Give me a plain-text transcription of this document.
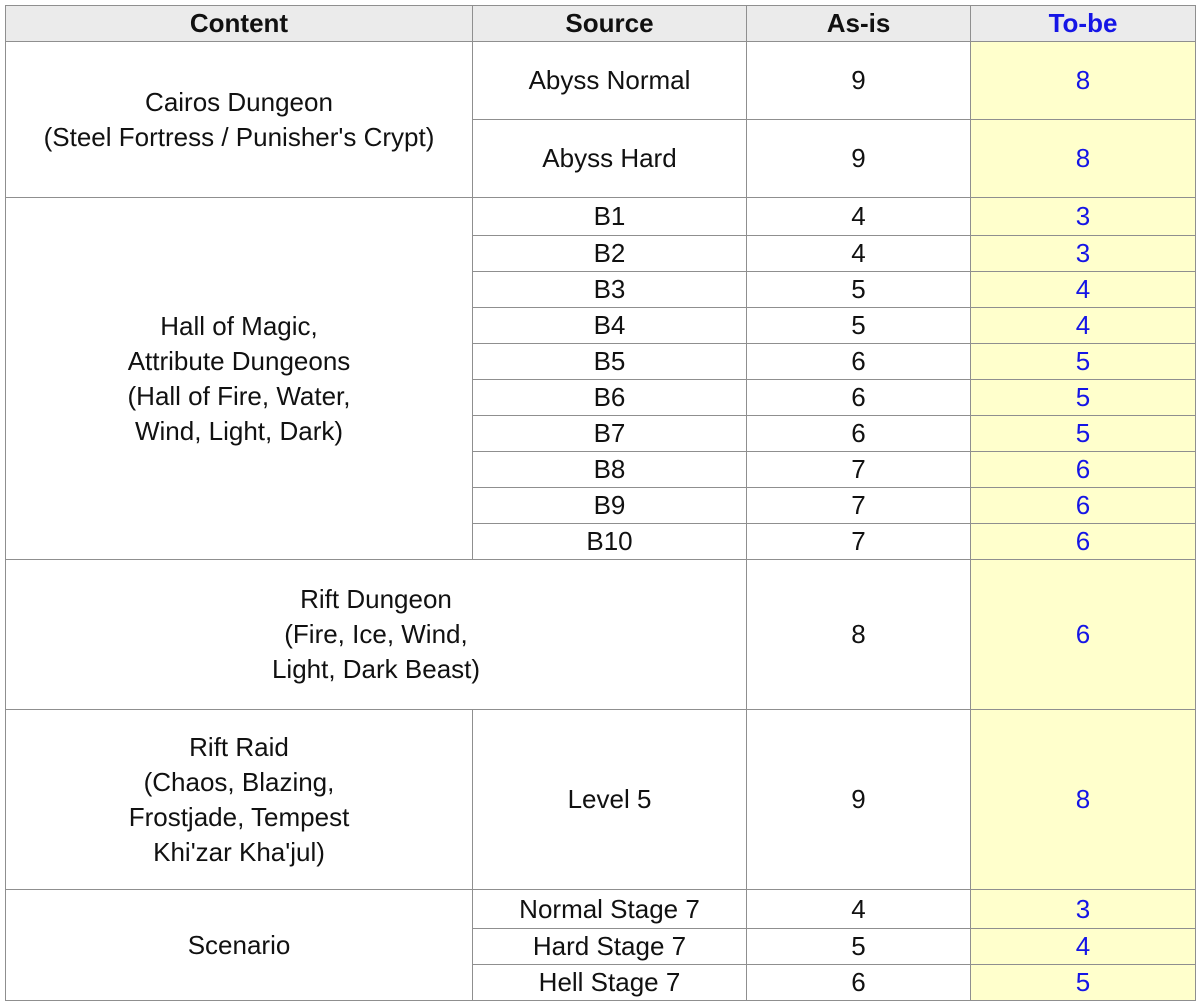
Content	Source	As-is	To-be
Cairos Dungeon
(Steel Fortress / Punisher's Crypt)	Abyss Normal	9	8
	Abyss Hard	9	8
Hall of Magic,
Attribute Dungeons
(Hall of Fire, Water,
Wind, Light, Dark)	B1	4	3
	B2	4	3
	B3	5	4
	B4	5	4
	B5	6	5
	B6	6	5
	B7	6	5
	B8	7	6
	B9	7	6
	B10	7	6
Rift Dungeon
(Fire, Ice, Wind,
Light, Dark Beast)		8	6
Rift Raid
(Chaos, Blazing,
Frostjade, Tempest
Khi'zar Kha'jul)	Level 5	9	8
Scenario	Normal Stage 7	4	3
	Hard Stage 7	5	4
	Hell Stage 7	6	5
